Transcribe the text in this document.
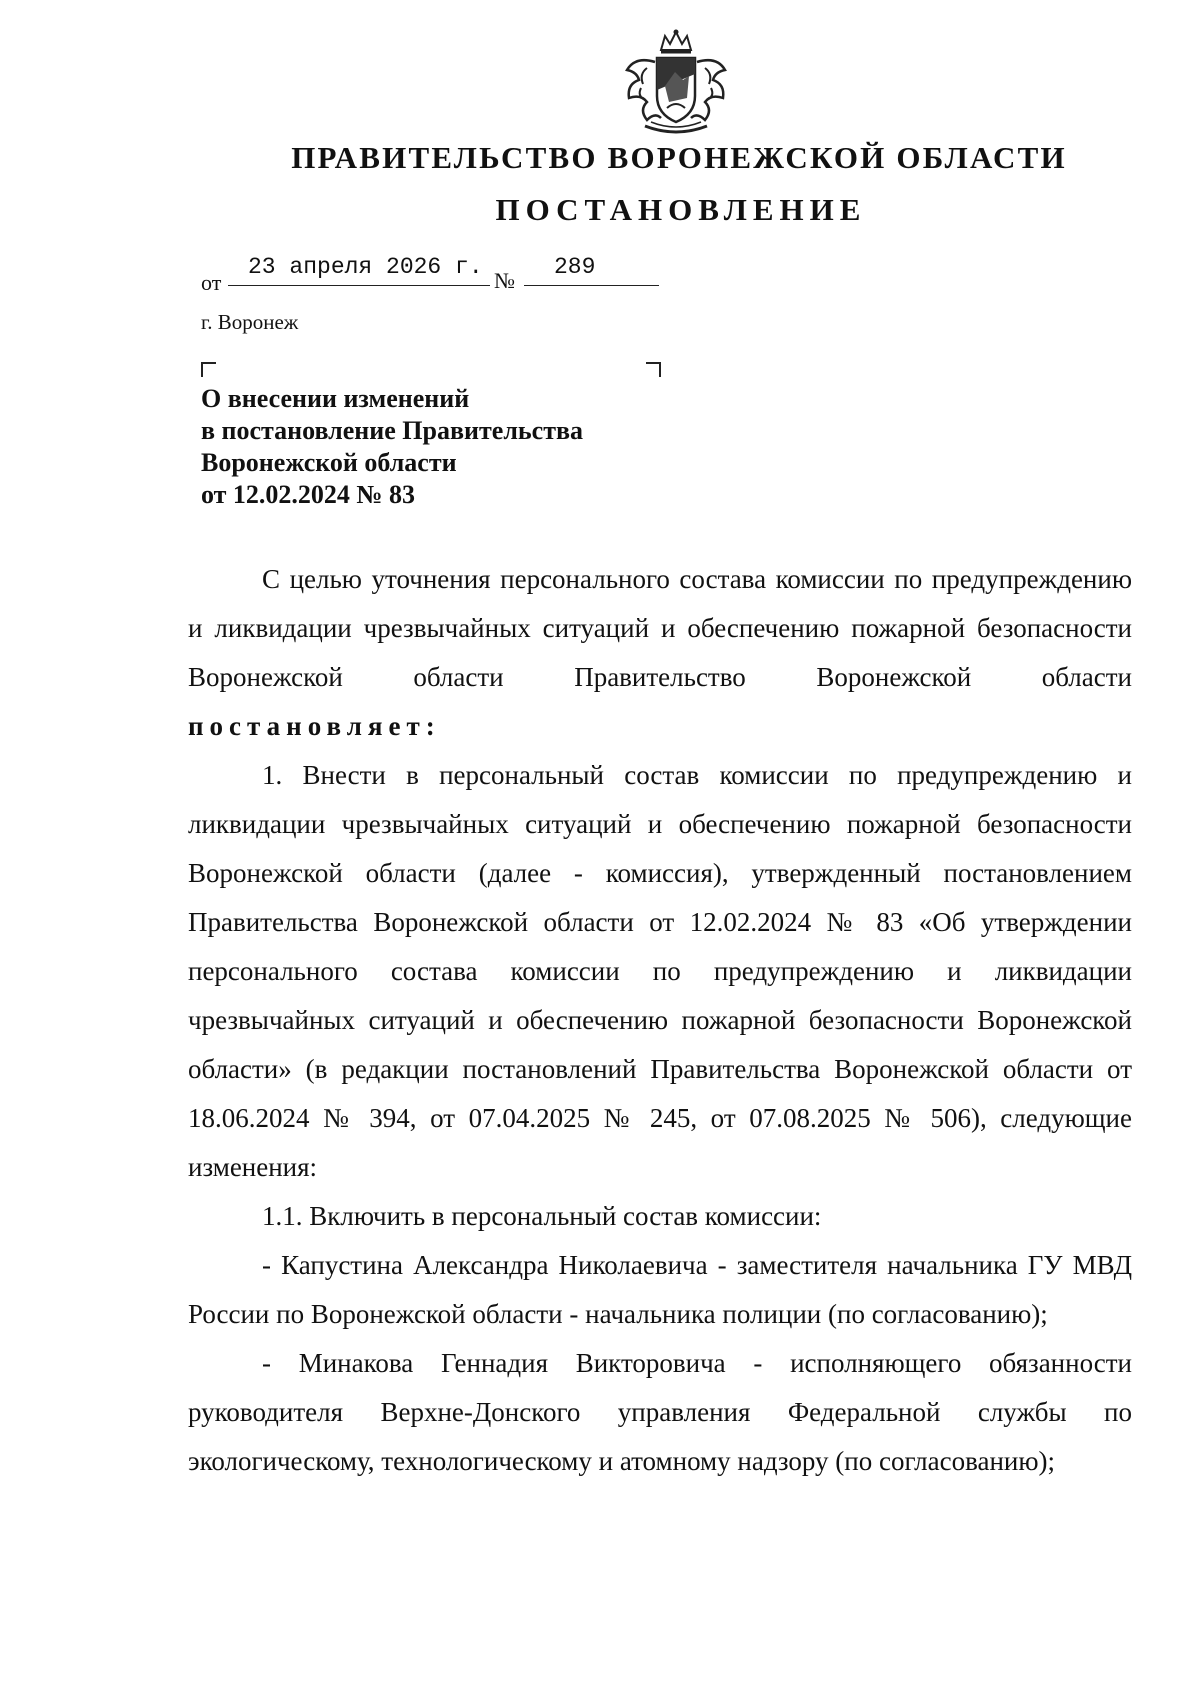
ПРАВИТЕЛЬСТВО ВОРОНЕЖСКОЙ ОБЛАСТИ
ПОСТАНОВЛЕНИЕ
от
23 апреля 2026 г.
№
289
г. Воронеж
О внесении изменений
в постановление Правительства
Воронежской области
от 12.02.2024 № 83

С целью уточнения персонального состава комиссии по предупреждению и ликвидации чрезвычайных ситуаций и обеспечению пожарной безопасности Воронежской области Правительство Воронежской области постановляет:

1. Внести в персональный состав комиссии по предупреждению и ликвидации чрезвычайных ситуаций и обеспечению пожарной безопасности Воронежской области (далее - комиссия), утвержденный постановлением Правительства Воронежской области от 12.02.2024 № 83 «Об утверждении персонального состава комиссии по предупреждению и ликвидации чрезвычайных ситуаций и обеспечению пожарной безопасности Воронежской области» (в редакции постановлений Правительства Воронежской области от 18.06.2024 № 394, от 07.04.2025 № 245, от 07.08.2025 № 506), следующие изменения:

1.1. Включить в персональный состав комиссии:

- Капустина Александра Николаевича - заместителя начальника ГУ МВД России по Воронежской области - начальника полиции (по согласованию);

- Минакова Геннадия Викторовича - исполняющего обязанности руководителя Верхне-Донского управления Федеральной службы по экологическому, технологическому и атомному надзору (по согласованию);
